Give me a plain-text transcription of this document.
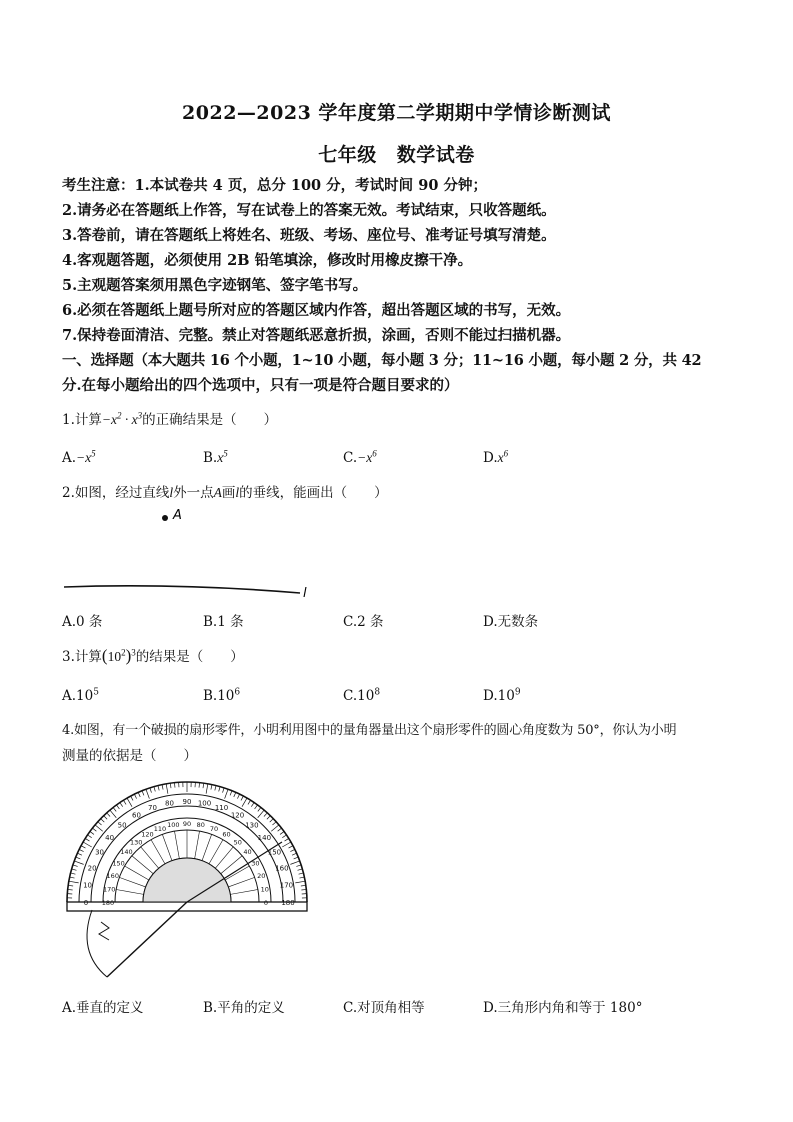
2022—2023 学年度第二学期期中学情诊断测试
七年级 数学试卷
考生注意：1.本试卷共 4 页，总分 100 分，考试时间 90 分钟；
2.请务必在答题纸上作答，写在试卷上的答案无效。考试结束，只收答题纸。
3.答卷前，请在答题纸上将姓名、班级、考场、座位号、准考证号填写清楚。
4.客观题答题，必须使用 2B 铅笔填涂，修改时用橡皮擦干净。
5.主观题答案须用黑色字迹钢笔、签字笔书写。
6.必须在答题纸上题号所对应的答题区域内作答，超出答题区域的书写，无效。
7.保持卷面清洁、完整。禁止对答题纸恶意折损，涂画，否则不能过扫描机器。
一、选择题（本大题共 16 个小题，1~10 小题，每小题 3 分；11~16 小题，每小题 2 分，共 42
分.在每小题给出的四个选项中，只有一项是符合题目要求的）
1.计算$-x^2 \cdot x^3$的正确结果是（　　）
$A.-x^5$	$B.x^5$	$C.-x^6$	$D.x^6$
2.如图，经过直线l外一点A画l的垂线，能画出（　　）
A
l
A.0 条	B.1 条	C.2 条	D.无数条
3.计算$(10^2)^3$的结果是（　　）
$A.10^5$	$B.10^6$	$C.10^8$	$D.10^9$
4.如图，有一个破损的扇形零件，小明利用图中的量角器量出这个扇形零件的圆心角度数为 50°，你认为小明
测量的依据是（　　）
0
10
20
30
40
50
60
70
80 90 100
110
120
130
140
150
160
170
180
180
170
160
150
140
130
120
110 100 90 80 70
60
50
40
30
20
10
0
A.垂直的定义	B.平角的定义	C.对顶角相等	D.三角形内角和等于 180°
